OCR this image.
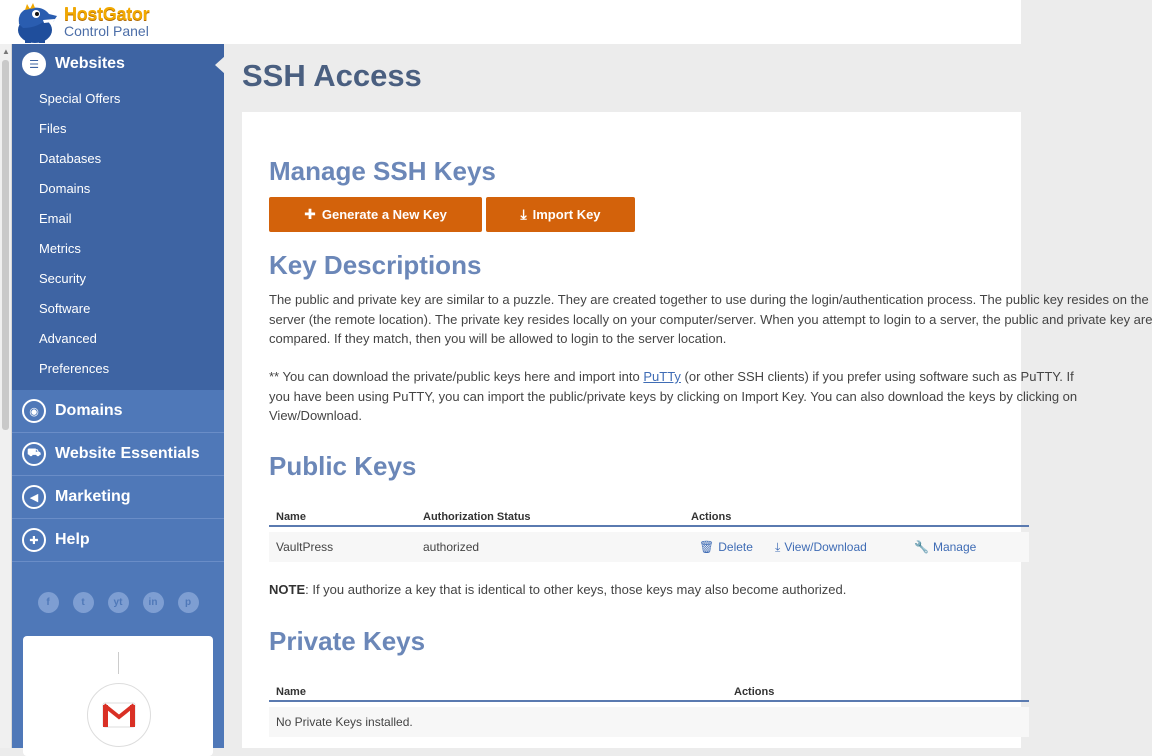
HostGator
Control Panel
▲
☰	Websites
Special Offers
Files
Databases
Domains
Email
Metrics
Security
Software
Advanced
Preferences
◉	Domains
⛟ Website Essentials
◀	Marketing
✚	Help
f	t	yt	in	p
SSH Access
Manage SSH Keys
✚ Generate a New Key	⤓ Import Key
Key Descriptions
The public and private key are similar to a puzzle. They are created together to use during the login/authentication process. The public key resides on the
server (the remote location). The private key resides locally on your computer/server. When you attempt to login to a server, the public and private key are
compared. If they match, then you will be allowed to login to the server location.
** You can download the private/public keys here and import into PuTTy (or other SSH clients) if you prefer using software such as PuTTY. If
you have been using PuTTY, you can import the public/private keys by clicking on Import Key. You can also download the keys by clicking on
View/Download.
Public Keys
Name	Authorization Status	Actions
VaultPress	authorized	🗑 Delete ⤓ View/Download	🔧 Manage
NOTE: If you authorize a key that is identical to other keys, those keys may also become authorized.
Private Keys
Name	Actions
No Private Keys installed.
